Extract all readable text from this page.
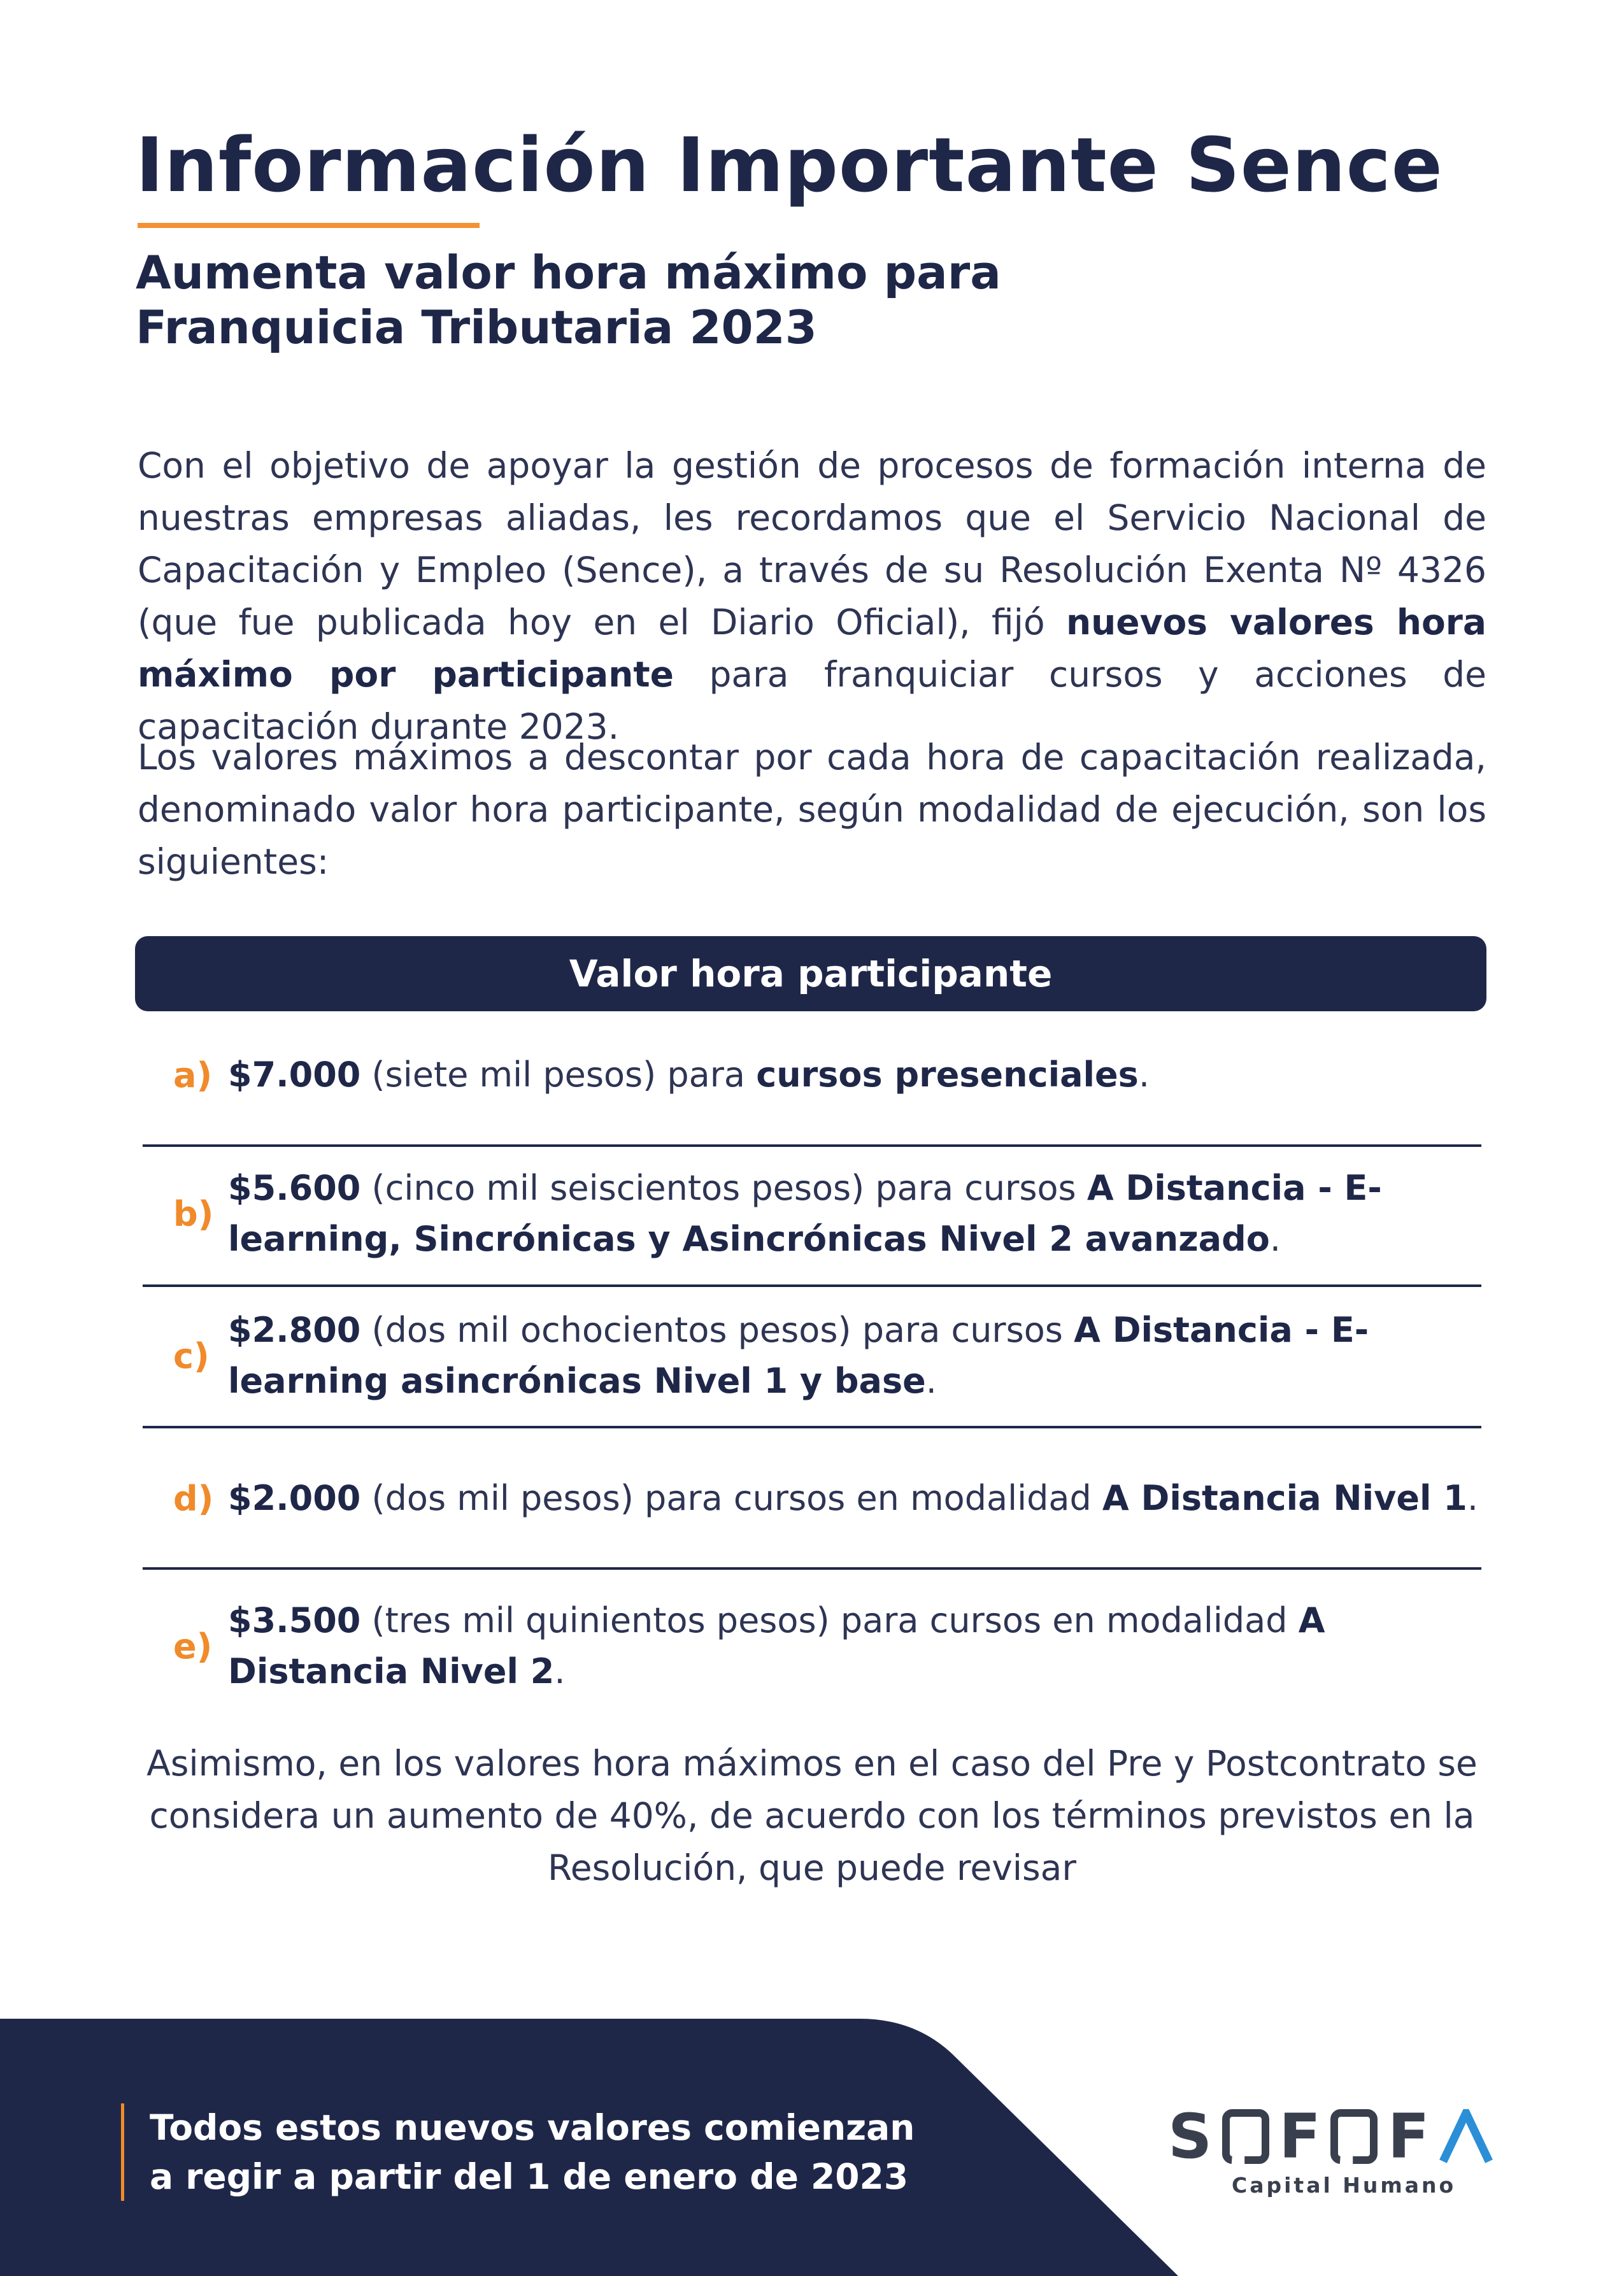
Información Importante Sence
Aumenta valor hora máximo para
Franquicia Tributaria 2023

Con el objetivo de apoyar la gestión de procesos de formación interna de nuestras empresas aliadas, les recordamos que el Servicio Nacional de Capacitación y Empleo (Sence), a través de su Resolución Exenta Nº 4326 (que fue publicada hoy en el Diario Oficial), fijó nuevos valores hora máximo por participante para franquiciar cursos y acciones de capacitación durante 2023.

Los valores máximos a descontar por cada hora de capacitación realizada, denominado valor hora participante, según modalidad de ejecución, son los siguientes:

Valor hora participante
a) $7.000 (siete mil pesos) para cursos presenciales.
b)
$5.600 (cinco mil seiscientos pesos) para cursos A Distancia - E-learning, Sincrónicas y Asincrónicas Nivel 2 avanzado.
c)
$2.800 (dos mil ochocientos pesos) para cursos A Distancia - E-learning asincrónicas Nivel 1 y base.
d) $2.000 (dos mil pesos) para cursos en modalidad A Distancia Nivel 1.
e)
$3.500 (tres mil quinientos pesos) para cursos en modalidad A Distancia Nivel 2.

Asimismo, en los valores hora máximos en el caso del Pre y Postcontrato se considera un aumento de 40%, de acuerdo con los términos previstos en la Resolución, que puede revisar

Todos estos nuevos valores comienzan
a regir a partir del 1 de enero de 2023

S F F
Capital Humano
